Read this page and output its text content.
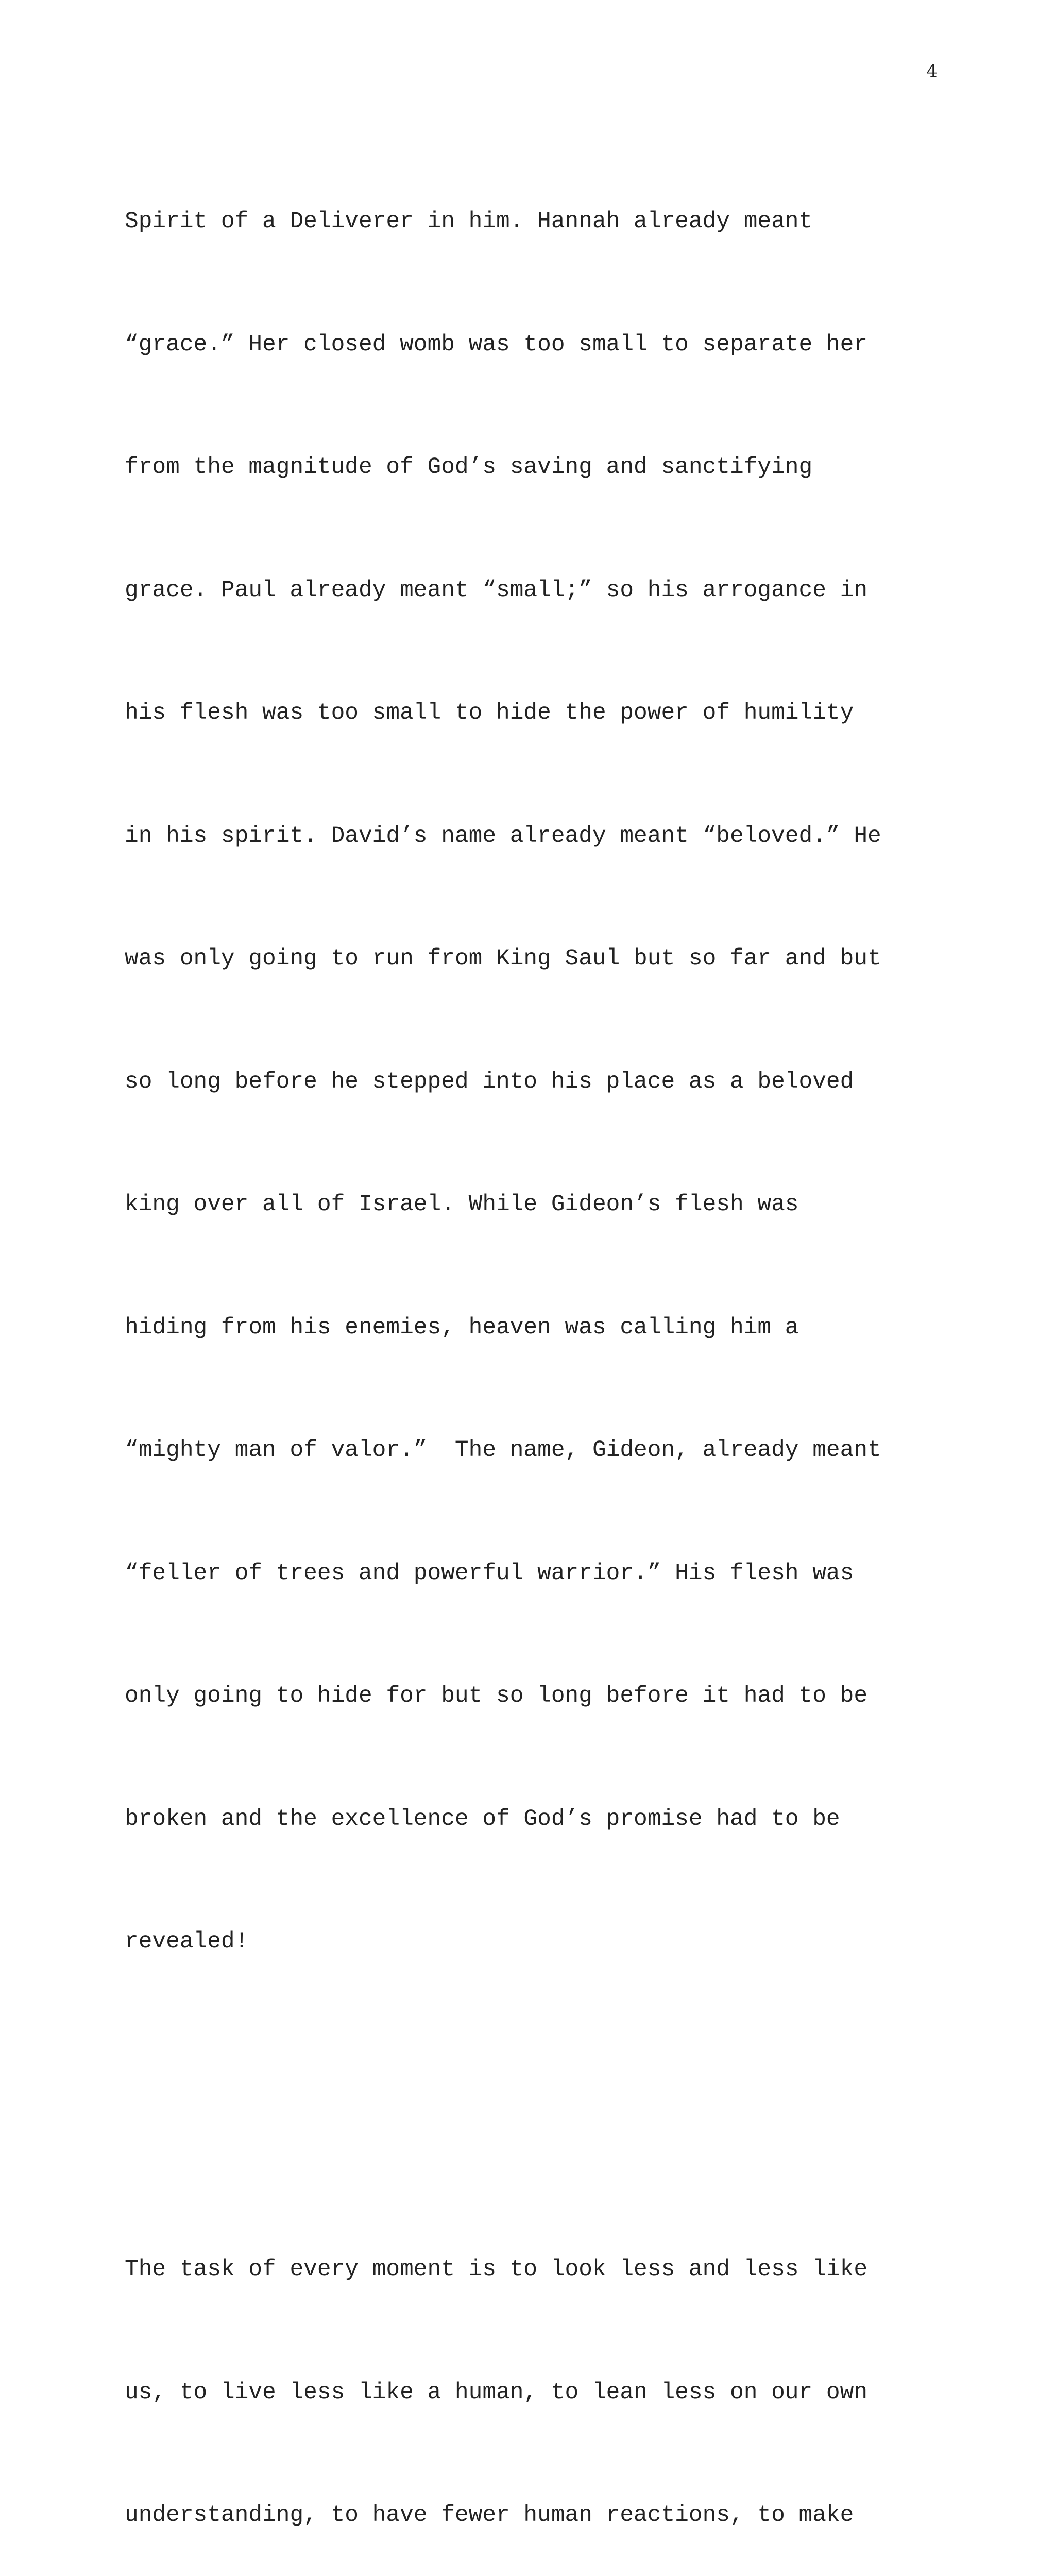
4

Spirit of a Deliverer in him. Hannah already meant

“grace.” Her closed womb was too small to separate her

from the magnitude of God’s saving and sanctifying

grace. Paul already meant “small;” so his arrogance in

his flesh was too small to hide the power of humility

in his spirit. David’s name already meant “beloved.” He

was only going to run from King Saul but so far and but

so long before he stepped into his place as a beloved

king over all of Israel. While Gideon’s flesh was

hiding from his enemies, heaven was calling him a

“mighty man of valor.”  The name, Gideon, already meant

“feller of trees and powerful warrior.” His flesh was

only going to hide for but so long before it had to be

broken and the excellence of God’s promise had to be

revealed!

The task of every moment is to look less and less like

us, to live less like a human, to lean less on our own

understanding, to have fewer human reactions, to make
